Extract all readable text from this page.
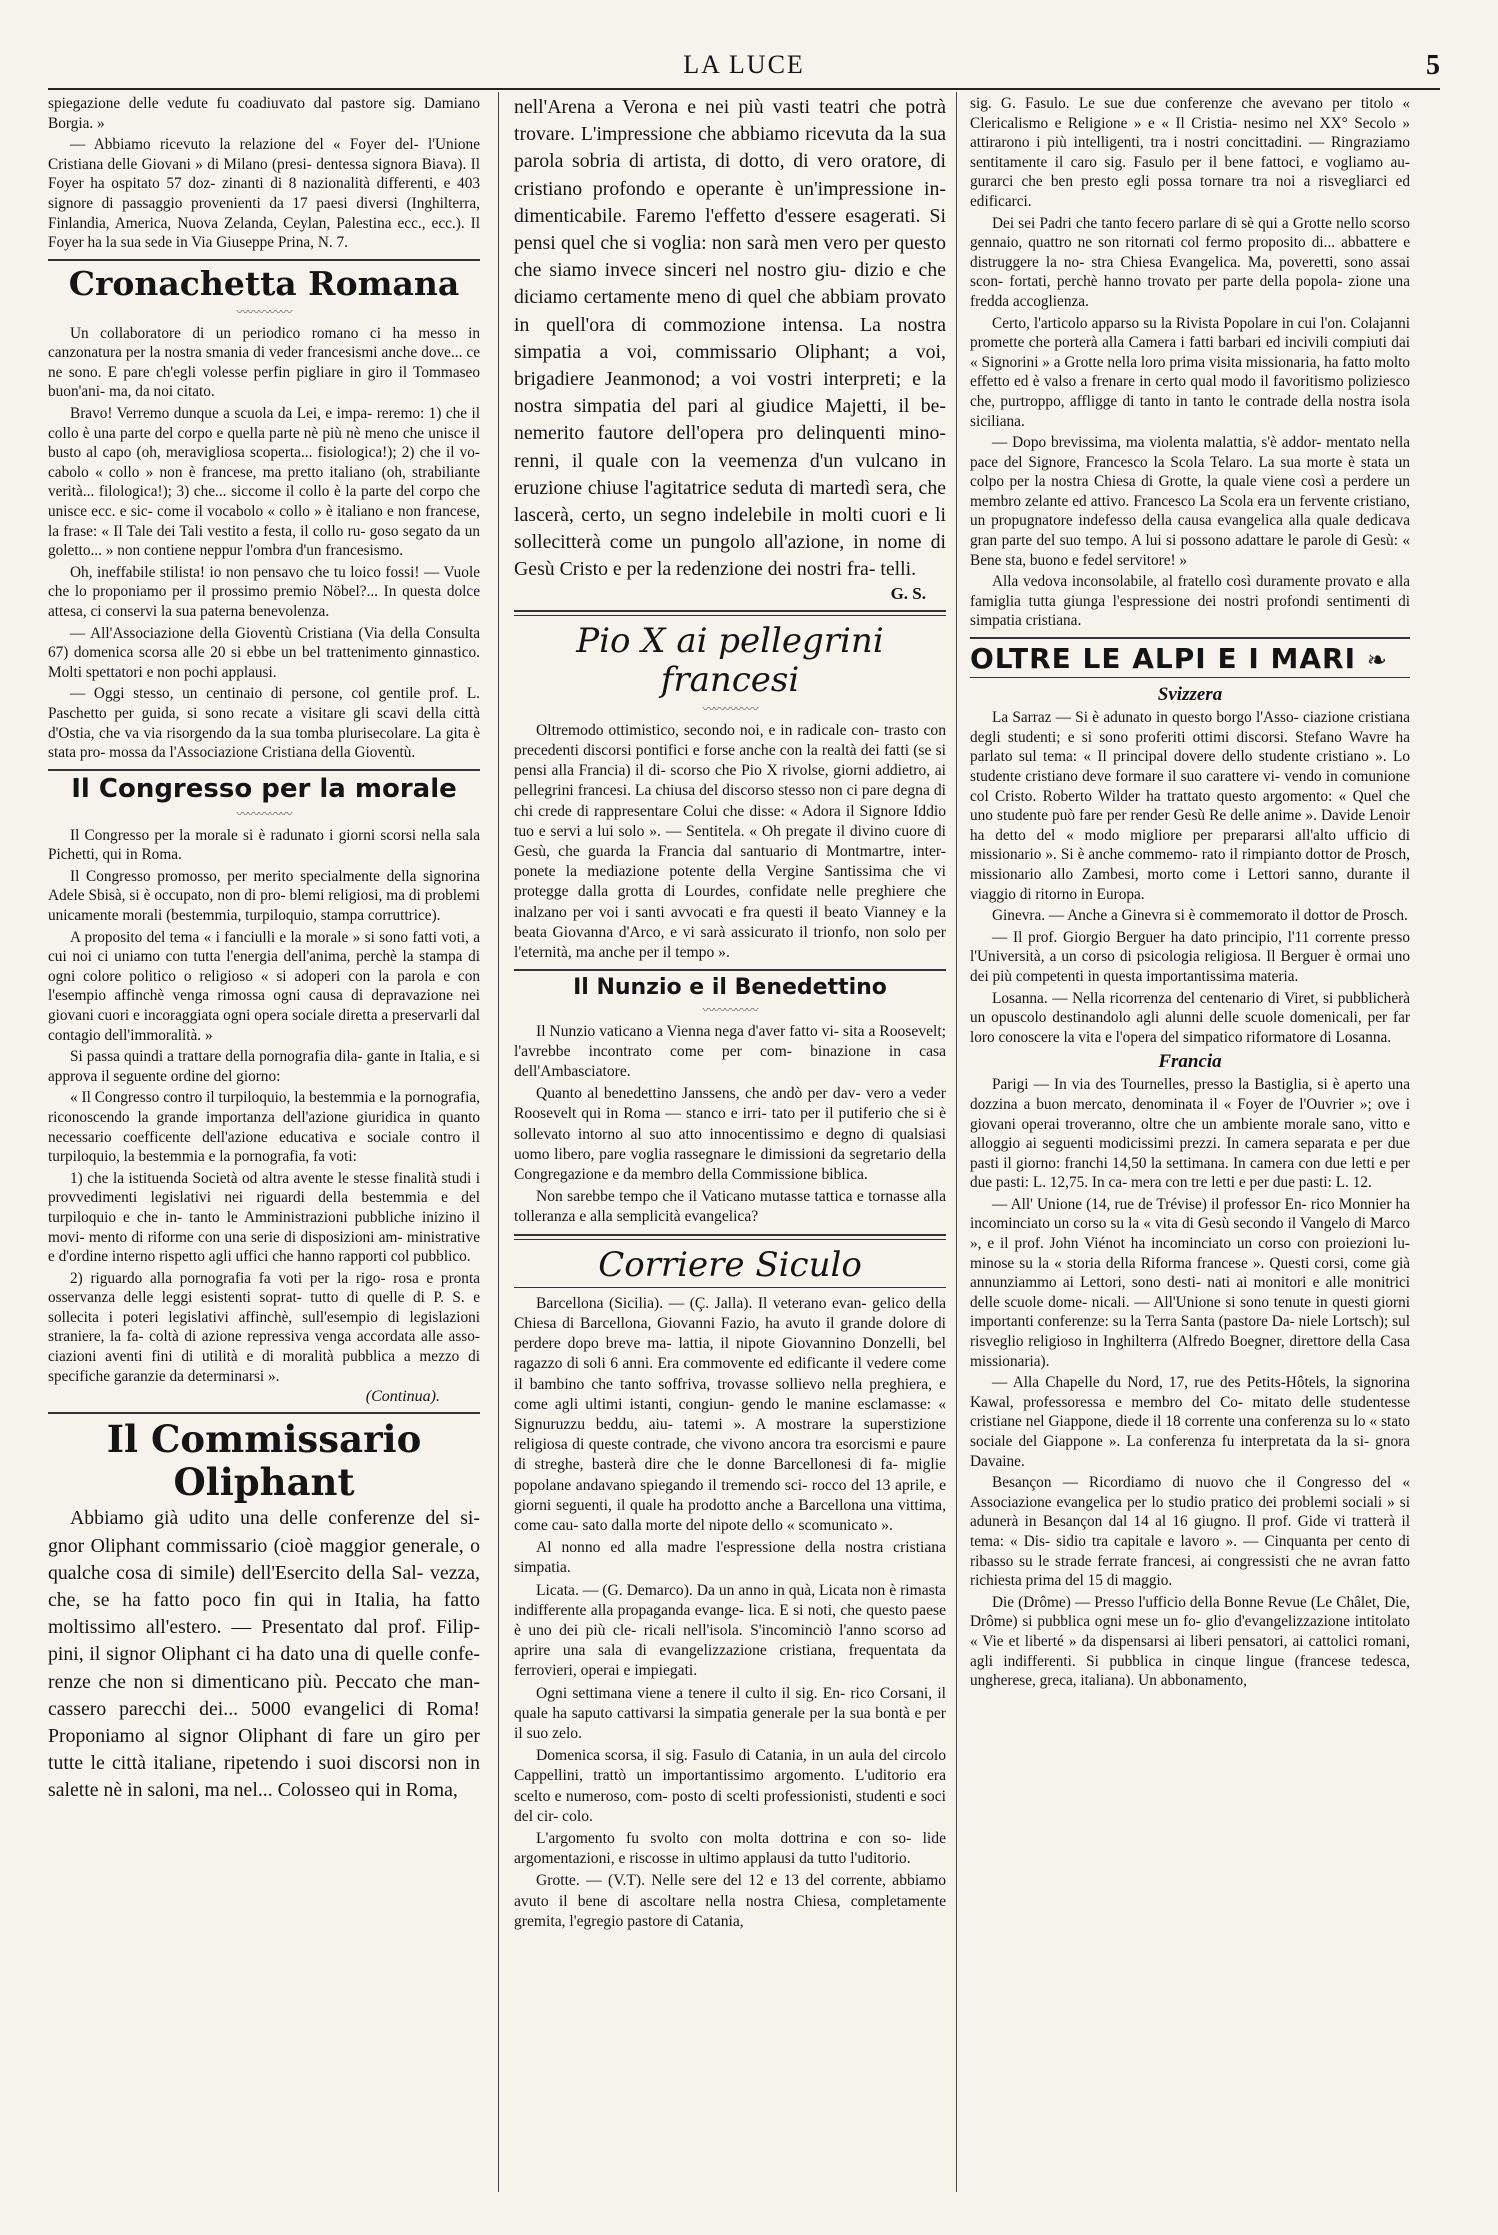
LA LUCE	5

spiegazione delle vedute fu coadiuvato dal pastore sig. Damiano Borgia. »

— Abbiamo ricevuto la relazione del « Foyer del- l'Unione Cristiana delle Giovani » di Milano (presi- dentessa signora Biava). Il Foyer ha ospitato 57 doz- zinanti di 8 nazionalità differenti, e 403 signore di passaggio provenienti da 17 paesi diversi (Inghilterra, Finlandia, America, Nuova Zelanda, Ceylan, Palestina ecc., ecc.). Il Foyer ha la sua sede in Via Giuseppe Prina, N. 7.

Cronachetta Romana
〰〰〰〰〰

Un collaboratore di un periodico romano ci ha messo in canzonatura per la nostra smania di veder francesismi anche dove... ce ne sono. E pare ch'egli volesse perfin pigliare in giro il Tommaseo buon'ani- ma, da noi citato.

Bravo! Verremo dunque a scuola da Lei, e impa- reremo: 1) che il collo è una parte del corpo e quella parte nè più nè meno che unisce il busto al capo (oh, meravigliosa scoperta... fisiologica!); 2) che il vo- cabolo « collo » non è francese, ma pretto italiano (oh, strabiliante verità... filologica!); 3) che... siccome il collo è la parte del corpo che unisce ecc. e sic- come il vocabolo « collo » è italiano e non francese, la frase: « Il Tale dei Tali vestito a festa, il collo ru- goso segato da un goletto... » non contiene neppur l'ombra d'un francesismo.

Oh, ineffabile stilista! io non pensavo che tu loico fossi! — Vuole che lo proponiamo per il prossimo premio Nöbel?... In questa dolce attesa, ci conservi la sua paterna benevolenza.

— All'Associazione della Gioventù Cristiana (Via della Consulta 67) domenica scorsa alle 20 si ebbe un bel trattenimento ginnastico. Molti spettatori e non pochi applausi.

— Oggi stesso, un centinaio di persone, col gentile prof. L. Paschetto per guida, si sono recate a visitare gli scavi della città d'Ostia, che va via risorgendo da la sua tomba plurisecolare. La gita è stata pro- mossa da l'Associazione Cristiana della Gioventù.

Il Congresso per la morale
〰〰〰〰〰

Il Congresso per la morale si è radunato i giorni scorsi nella sala Pichetti, qui in Roma.

Il Congresso promosso, per merito specialmente della signorina Adele Sbisà, si è occupato, non di pro- blemi religiosi, ma di problemi unicamente morali (bestemmia, turpiloquio, stampa corruttrice).

A proposito del tema « i fanciulli e la morale » si sono fatti voti, a cui noi ci uniamo con tutta l'energia dell'anima, perchè la stampa di ogni colore politico o religioso « si adoperi con la parola e con l'esempio affinchè venga rimossa ogni causa di depravazione nei giovani cuori e incoraggiata ogni opera sociale diretta a preservarli dal contagio dell'immoralità. »

Si passa quindi a trattare della pornografia dila- gante in Italia, e si approva il seguente ordine del giorno:

« Il Congresso contro il turpiloquio, la bestemmia e la pornografia, riconoscendo la grande importanza dell'azione giuridica in quanto necessario coefficente dell'azione educativa e sociale contro il turpiloquio, la bestemmia e la pornografia, fa voti:

1) che la istituenda Società od altra avente le stesse finalità studi i provvedimenti legislativi nei riguardi della bestemmia e del turpiloquio e che in- tanto le Amministrazioni pubbliche inizino il movi- mento di riforme con una serie di disposizioni am- ministrative e d'ordine interno rispetto agli uffici che hanno rapporti col pubblico.

2) riguardo alla pornografia fa voti per la rigo- rosa e pronta osservanza delle leggi esistenti soprat- tutto di quelle di P. S. e sollecita i poteri legislativi affinchè, sull'esempio di legislazioni straniere, la fa- coltà di azione repressiva venga accordata alle asso- ciazioni aventi fini di utilità e di moralità pubblica a mezzo di specifiche garanzie da determinarsi ».

(Continua).
Il Commissario Oliphant

Abbiamo già udito una delle conferenze del si- gnor Oliphant commissario (cioè maggior generale, o qualche cosa di simile) dell'Esercito della Sal- vezza, che, se ha fatto poco fin qui in Italia, ha fatto moltissimo all'estero. — Presentato dal prof. Filip- pini, il signor Oliphant ci ha dato una di quelle confe- renze che non si dimenticano più. Peccato che man- cassero parecchi dei... 5000 evangelici di Roma! Proponiamo al signor Oliphant di fare un giro per tutte le città italiane, ripetendo i suoi discorsi non in salette nè in saloni, ma nel... Colosseo qui in Roma,

nell'Arena a Verona e nei più vasti teatri che potrà trovare. L'impressione che abbiamo ricevuta da la sua parola sobria di artista, di dotto, di vero oratore, di cristiano profondo e operante è un'impressione in- dimenticabile. Faremo l'effetto d'essere esagerati. Si pensi quel che si voglia: non sarà men vero per questo che siamo invece sinceri nel nostro giu- dizio e che diciamo certamente meno di quel che abbiam provato in quell'ora di commozione intensa. La nostra simpatia a voi, commissario Oliphant; a voi, brigadiere Jeanmonod; a voi vostri interpreti; e la nostra simpatia del pari al giudice Majetti, il be- nemerito fautore dell'opera pro delinquenti mino- renni, il quale con la veemenza d'un vulcano in eruzione chiuse l'agitatrice seduta di martedì sera, che lascerà, certo, un segno indelebile in molti cuori e li sollecitterà come un pungolo all'azione, in nome di Gesù Cristo e per la redenzione dei nostri fra- telli.

G. S.
Pio X ai pellegrini francesi
〰〰〰〰〰

Oltremodo ottimistico, secondo noi, e in radicale con- trasto con precedenti discorsi pontifici e forse anche con la realtà dei fatti (se si pensi alla Francia) il di- scorso che Pio X rivolse, giorni addietro, ai pellegrini francesi. La chiusa del discorso stesso non ci pare degna di chi crede di rappresentare Colui che disse: « Adora il Signore Iddio tuo e servi a lui solo ». — Sentitela. « Oh pregate il divino cuore di Gesù, che guarda la Francia dal santuario di Montmartre, inter- ponete la mediazione potente della Vergine Santissima che vi protegge dalla grotta di Lourdes, confidate nelle preghiere che inalzano per voi i santi avvocati e fra questi il beato Vianney e la beata Giovanna d'Arco, e vi sarà assicurato il trionfo, non solo per l'eternità, ma anche per il tempo ».

Il Nunzio e il Benedettino
〰〰〰〰〰

Il Nunzio vaticano a Vienna nega d'aver fatto vi- sita a Roosevelt; l'avrebbe incontrato come per com- binazione in casa dell'Ambasciatore.

Quanto al benedettino Janssens, che andò per dav- vero a veder Roosevelt qui in Roma — stanco e irri- tato per il putiferio che si è sollevato intorno al suo atto innocentissimo e degno di qualsiasi uomo libero, pare voglia rassegnare le dimissioni da segretario della Congregazione e da membro della Commissione biblica.

Non sarebbe tempo che il Vaticano mutasse tattica e tornasse alla tolleranza e alla semplicità evangelica?

Corriere Siculo

Barcellona (Sicilia). — (Ç. Jalla). Il veterano evan- gelico della Chiesa di Barcellona, Giovanni Fazio, ha avuto il grande dolore di perdere dopo breve ma- lattia, il nipote Giovannino Donzelli, bel ragazzo di soli 6 anni. Era commovente ed edificante il vedere come il bambino che tanto soffriva, trovasse sollievo nella preghiera, e come agli ultimi istanti, congiun- gendo le manine esclamasse: « Signuruzzu beddu, aiu- tatemi ». A mostrare la superstizione religiosa di queste contrade, che vivono ancora tra esorcismi e paure di streghe, basterà dire che le donne Barcellonesi di fa- miglie popolane andavano spiegando il tremendo sci- rocco del 13 aprile, e giorni seguenti, il quale ha prodotto anche a Barcellona una vittima, come cau- sato dalla morte del nipote dello « scomunicato ».

Al nonno ed alla madre l'espressione della nostra cristiana simpatia.

Licata. — (G. Demarco). Da un anno in quà, Licata non è rimasta indifferente alla propaganda evange- lica. E si noti, che questo paese è uno dei più cle- ricali nell'isola. S'incominciò l'anno scorso ad aprire una sala di evangelizzazione cristiana, frequentata da ferrovieri, operai e impiegati.

Ogni settimana viene a tenere il culto il sig. En- rico Corsani, il quale ha saputo cattivarsi la simpatia generale per la sua bontà e per il suo zelo.

Domenica scorsa, il sig. Fasulo di Catania, in un aula del circolo Cappellini, trattò un importantissimo argomento. L'uditorio era scelto e numeroso, com- posto di scelti professionisti, studenti e soci del cir- colo.

L'argomento fu svolto con molta dottrina e con so- lide argomentazioni, e riscosse in ultimo applausi da tutto l'uditorio.

Grotte. — (V.T). Nelle sere del 12 e 13 del corrente, abbiamo avuto il bene di ascoltare nella nostra Chiesa, completamente gremita, l'egregio pastore di Catania,

sig. G. Fasulo. Le sue due conferenze che avevano per titolo « Clericalismo e Religione » e « Il Cristia- nesimo nel XX° Secolo » attirarono i più intelligenti, tra i nostri concittadini. — Ringraziamo sentitamente il caro sig. Fasulo per il bene fattoci, e vogliamo au- gurarci che ben presto egli possa tornare tra noi a risvegliarci ed edificarci.

Dei sei Padri che tanto fecero parlare di sè qui a Grotte nello scorso gennaio, quattro ne son ritornati col fermo proposito di... abbattere e distruggere la no- stra Chiesa Evangelica. Ma, poveretti, sono assai scon- fortati, perchè hanno trovato per parte della popola- zione una fredda accoglienza.

Certo, l'articolo apparso su la Rivista Popolare in cui l'on. Colajanni promette che porterà alla Camera i fatti barbari ed incivili compiuti dai « Signorini » a Grotte nella loro prima visita missionaria, ha fatto molto effetto ed è valso a frenare in certo qual modo il favoritismo poliziesco che, purtroppo, affligge di tanto in tanto le contrade della nostra isola siciliana.

— Dopo brevissima, ma violenta malattia, s'è addor- mentato nella pace del Signore, Francesco la Scola Telaro. La sua morte è stata un colpo per la nostra Chiesa di Grotte, la quale viene così a perdere un membro zelante ed attivo. Francesco La Scola era un fervente cristiano, un propugnatore indefesso della causa evangelica alla quale dedicava gran parte del suo tempo. A lui si possono adattare le parole di Gesù: « Bene sta, buono e fedel servitore! »

Alla vedova inconsolabile, al fratello così duramente provato e alla famiglia tutta giunga l'espressione dei nostri profondi sentimenti di simpatia cristiana.

OLTRE LE ALPI E I MARI ❧
Svizzera

La Sarraz — Si è adunato in questo borgo l'Asso- ciazione cristiana degli studenti; e si sono proferiti ottimi discorsi. Stefano Wavre ha parlato sul tema: « Il principal dovere dello studente cristiano ». Lo studente cristiano deve formare il suo carattere vi- vendo in comunione col Cristo. Roberto Wilder ha trattato questo argomento: « Quel che uno studente può fare per render Gesù Re delle anime ». Davide Lenoir ha detto del « modo migliore per prepararsi all'alto ufficio di missionario ». Si è anche commemo- rato il rimpianto dottor de Prosch, missionario allo Zambesi, morto come i Lettori sanno, durante il viaggio di ritorno in Europa.

Ginevra. — Anche a Ginevra si è commemorato il dottor de Prosch.

— Il prof. Giorgio Berguer ha dato principio, l'11 corrente presso l'Università, a un corso di psicologia religiosa. Il Berguer è ormai uno dei più competenti in questa importantissima materia.

Losanna. — Nella ricorrenza del centenario di Viret, si pubblicherà un opuscolo destinandolo agli alunni delle scuole domenicali, per far loro conoscere la vita e l'opera del simpatico riformatore di Losanna.

Francia

Parigi — In via des Tournelles, presso la Bastiglia, si è aperto una dozzina a buon mercato, denominata il « Foyer de l'Ouvrier »; ove i giovani operai troveranno, oltre che un ambiente morale sano, vitto e alloggio ai seguenti modicissimi prezzi. In camera separata e per due pasti il giorno: franchi 14,50 la settimana. In camera con due letti e per due pasti: L. 12,75. In ca- mera con tre letti e per due pasti: L. 12.

— All' Unione (14, rue de Trévise) il professor En- rico Monnier ha incominciato un corso su la « vita di Gesù secondo il Vangelo di Marco », e il prof. John Viénot ha incominciato un corso con proiezioni lu- minose su la « storia della Riforma francese ». Questi corsi, come già annunziammo ai Lettori, sono desti- nati ai monitori e alle monitrici delle scuole dome- nicali. — All'Unione si sono tenute in questi giorni importanti conferenze: su la Terra Santa (pastore Da- niele Lortsch); sul risveglio religioso in Inghilterra (Alfredo Boegner, direttore della Casa missionaria).

— Alla Chapelle du Nord, 17, rue des Petits-Hôtels, la signorina Kawal, professoressa e membro del Co- mitato delle studentesse cristiane nel Giappone, diede il 18 corrente una conferenza su lo « stato sociale del Giappone ». La conferenza fu interpretata da la si- gnora Davaine.

Besançon — Ricordiamo di nuovo che il Congresso del « Associazione evangelica per lo studio pratico dei problemi sociali » si adunerà in Besançon dal 14 al 16 giugno. Il prof. Gide vi tratterà il tema: « Dis- sidio tra capitale e lavoro ». — Cinquanta per cento di ribasso su le strade ferrate francesi, ai congressisti che ne avran fatto richiesta prima del 15 di maggio.

Die (Drôme) — Presso l'ufficio della Bonne Revue (Le Châlet, Die, Drôme) si pubblica ogni mese un fo- glio d'evangelizzazione intitolato « Vie et liberté » da dispensarsi ai liberi pensatori, ai cattolici romani, agli indifferenti. Si pubblica in cinque lingue (francese tedesca, ungherese, greca, italiana). Un abbonamento,
